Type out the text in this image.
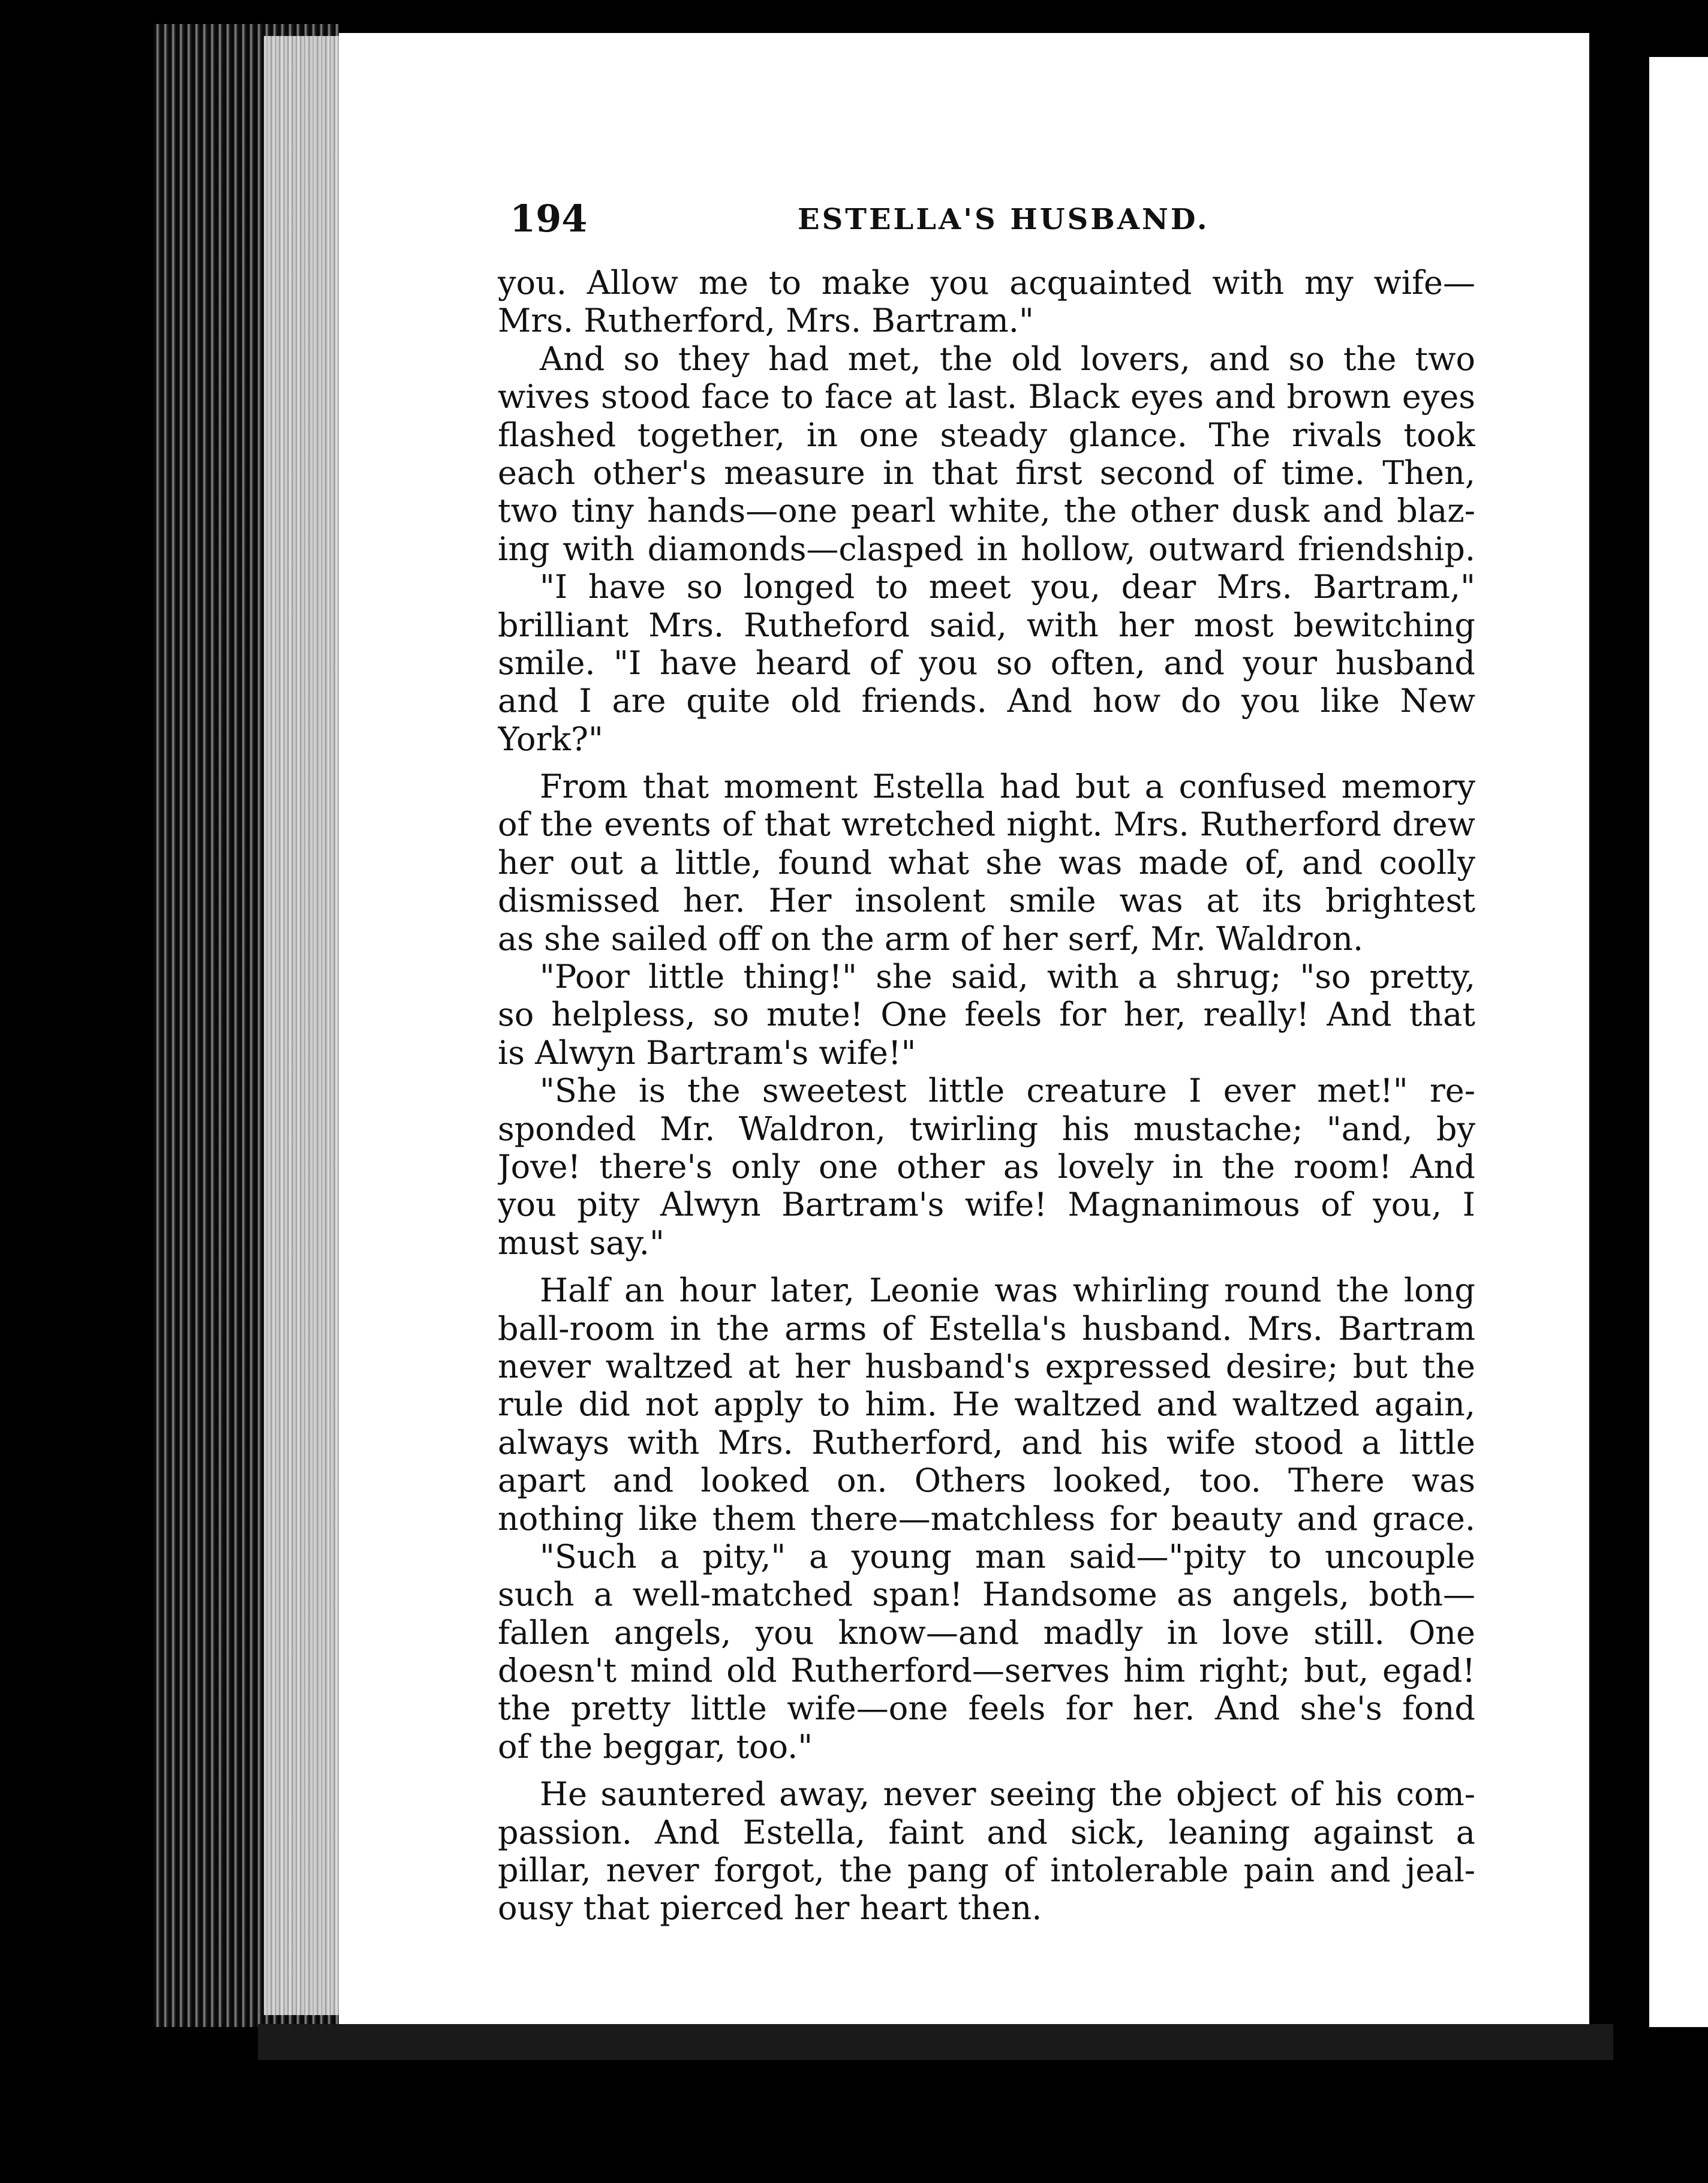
194	ESTELLA'S HUSBAND.
you. Allow me to make you acquainted with my wife—
Mrs. Rutherford, Mrs. Bartram."
And so they had met, the old lovers, and so the two
wives stood face to face at last. Black eyes and brown eyes
flashed together, in one steady glance. The rivals took
each other's measure in that first second of time. Then,
two tiny hands—one pearl white, the other dusk and blaz-
ing with diamonds—clasped in hollow, outward friendship.
"I have so longed to meet you, dear Mrs. Bartram,"
brilliant Mrs. Rutheford said, with her most bewitching
smile. "I have heard of you so often, and your husband
and I are quite old friends. And how do you like New
York?"
From that moment Estella had but a confused memory
of the events of that wretched night. Mrs. Rutherford drew
her out a little, found what she was made of, and coolly
dismissed her. Her insolent smile was at its brightest
as she sailed off on the arm of her serf, Mr. Waldron.
"Poor little thing!" she said, with a shrug; "so pretty,
so helpless, so mute! One feels for her, really! And that
is Alwyn Bartram's wife!"
"She is the sweetest little creature I ever met!" re-
sponded Mr. Waldron, twirling his mustache; "and, by
Jove! there's only one other as lovely in the room! And
you pity Alwyn Bartram's wife! Magnanimous of you, I
must say."
Half an hour later, Leonie was whirling round the long
ball-room in the arms of Estella's husband. Mrs. Bartram
never waltzed at her husband's expressed desire; but the
rule did not apply to him. He waltzed and waltzed again,
always with Mrs. Rutherford, and his wife stood a little
apart and looked on. Others looked, too. There was
nothing like them there—matchless for beauty and grace.
"Such a pity," a young man said—"pity to uncouple
such a well-matched span! Handsome as angels, both—
fallen angels, you know—and madly in love still. One
doesn't mind old Rutherford—serves him right; but, egad!
the pretty little wife—one feels for her. And she's fond
of the beggar, too."
He sauntered away, never seeing the object of his com-
passion. And Estella, faint and sick, leaning against a
pillar, never forgot, the pang of intolerable pain and jeal-
ousy that pierced her heart then.
